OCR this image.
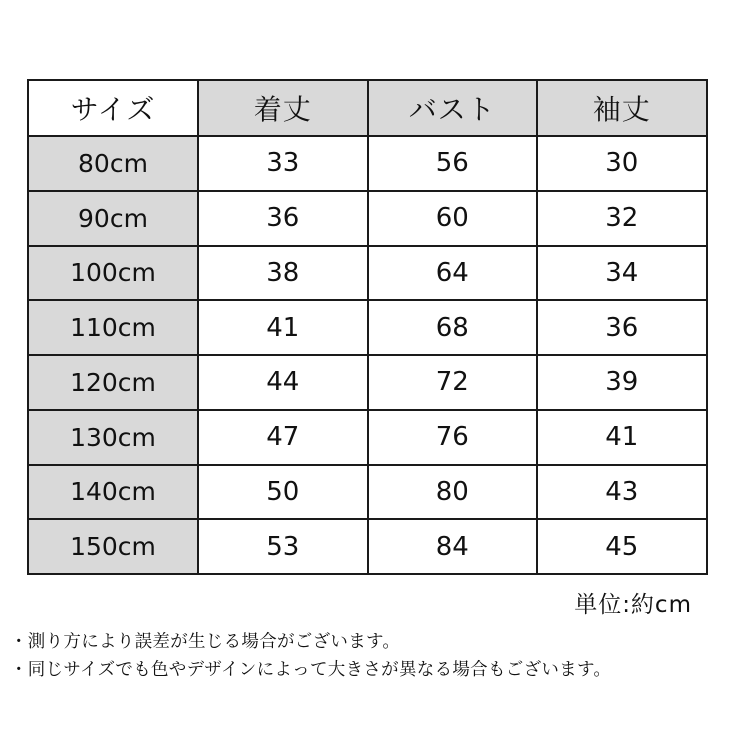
サイズ	着丈	バスト	袖丈
80cm	33	56	30
90cm	36	60	32
100cm	38	64	34
110cm	41	68	36
120cm	44	72	39
130cm	47	76	41
140cm	50	80	43
150cm	53	84	45
単位:約cm
・測り方により誤差が生じる場合がございます。
・同じサイズでも色やデザインによって大きさが異なる場合もございます。
